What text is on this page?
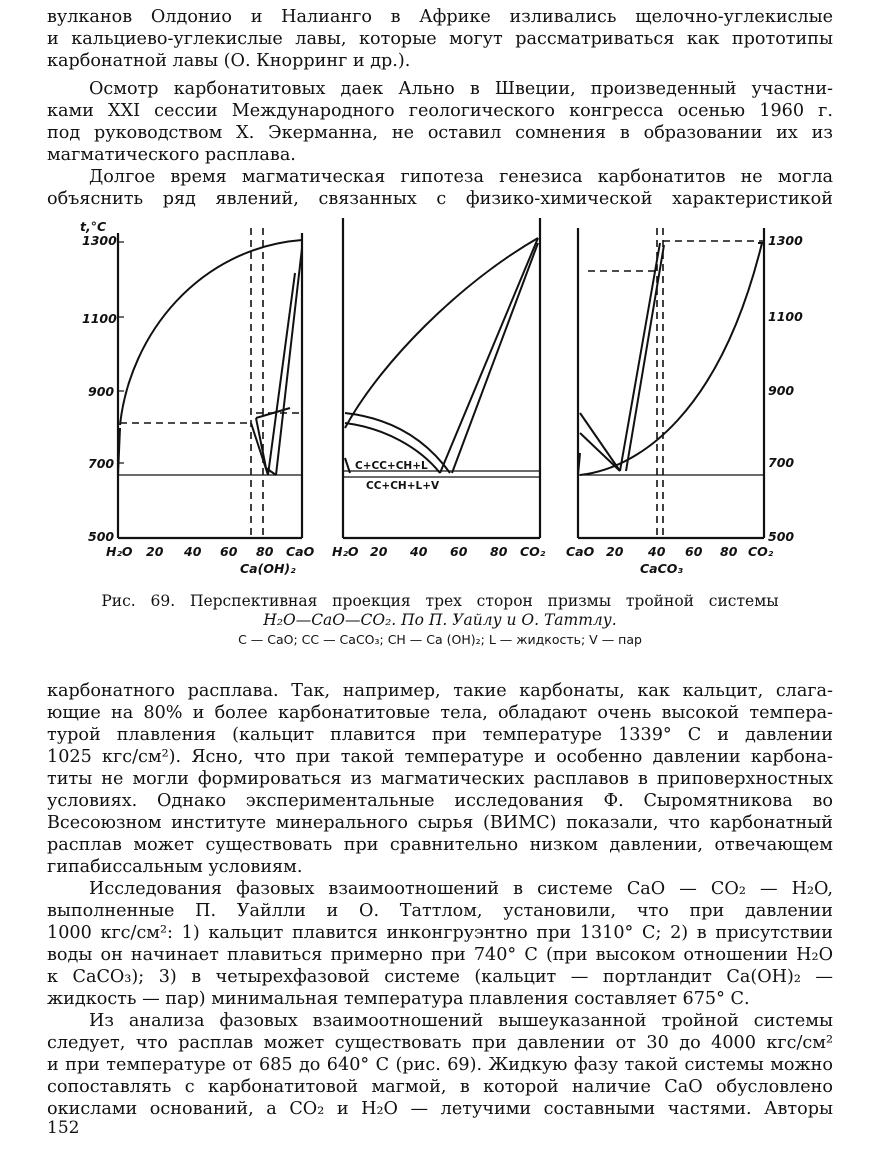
вулканов Олдонио и Налианго в Африке изливались щелочно-углекислые
и кальциево-углекислые лавы, которые могут рассматриваться как прототипы
карбонатной лавы (О. Кнорринг и др.).
Осмотр карбонатитовых даек Ально в Швеции, произведенный участни-
ками XXI сессии Международного геологического конгресса осенью 1960 г.
под руководством Х. Экерманна, не оставил сомнения в образовании их из
магматического расплава.
Долгое время магматическая гипотеза генезиса карбонатитов не могла
объяснить ряд явлений, связанных с физико-химической характеристикой
t,°C
1300
1100
900
700
500
C+CC+CH+L
CC+CH+L+V
1300
1100
900
700
500
H₂O 20 40 60 80 CaO
Ca(OH)₂
H₂O 20 40 60 80 CO₂ CaO 20 40 60 80 CO₂
CaCO₃
Рис.   69.   Перспективная   проекция   трех   сторон   призмы   тройной   системы
H₂O—CaO—CO₂. По П. Уайлу и О. Таттлу.
C — CaO; CC — CaCO₃; CH — Ca (OH)₂; L — жидкость; V — пар
карбонатного расплава. Так, например, такие карбонаты, как кальцит, слага-
ющие на 80% и более карбонатитовые тела, обладают очень высокой темпера-
турой плавления (кальцит плавится при температуре 1339° С и давлении
1025 кгс/см²). Ясно, что при такой температуре и особенно давлении карбона-
титы не могли формироваться из магматических расплавов в приповерхностных
условиях. Однако экспериментальные исследования Ф. Сыромятникова во
Всесоюзном институте минерального сырья (ВИМС) показали, что карбонатный
расплав может существовать при сравнительно низком давлении, отвечающем
гипабиссальным условиям.
Исследования фазовых взаимоотношений в системе CaO — CO₂ — H₂O,
выполненные П. Уайлли и О. Таттлом, установили, что при давлении
1000 кгс/см²: 1) кальцит плавится инконгруэнтно при 1310° С; 2) в присутствии
воды он начинает плавиться примерно при 740° С (при высоком отношении H₂O
к CaCO₃); 3) в четырехфазовой системе (кальцит — портландит Ca(OH)₂ —
жидкость — пар) минимальная температура плавления составляет 675° С.
Из анализа фазовых взаимоотношений вышеуказанной тройной системы
следует, что расплав может существовать при давлении от 30 до 4000 кгс/см²
и при температуре от 685 до 640° С (рис. 69). Жидкую фазу такой системы можно
сопоставлять с карбонатитовой магмой, в которой наличие CaO обусловлено
окислами оснований, а CO₂ и H₂O — летучими составными частями. Авторы
152
